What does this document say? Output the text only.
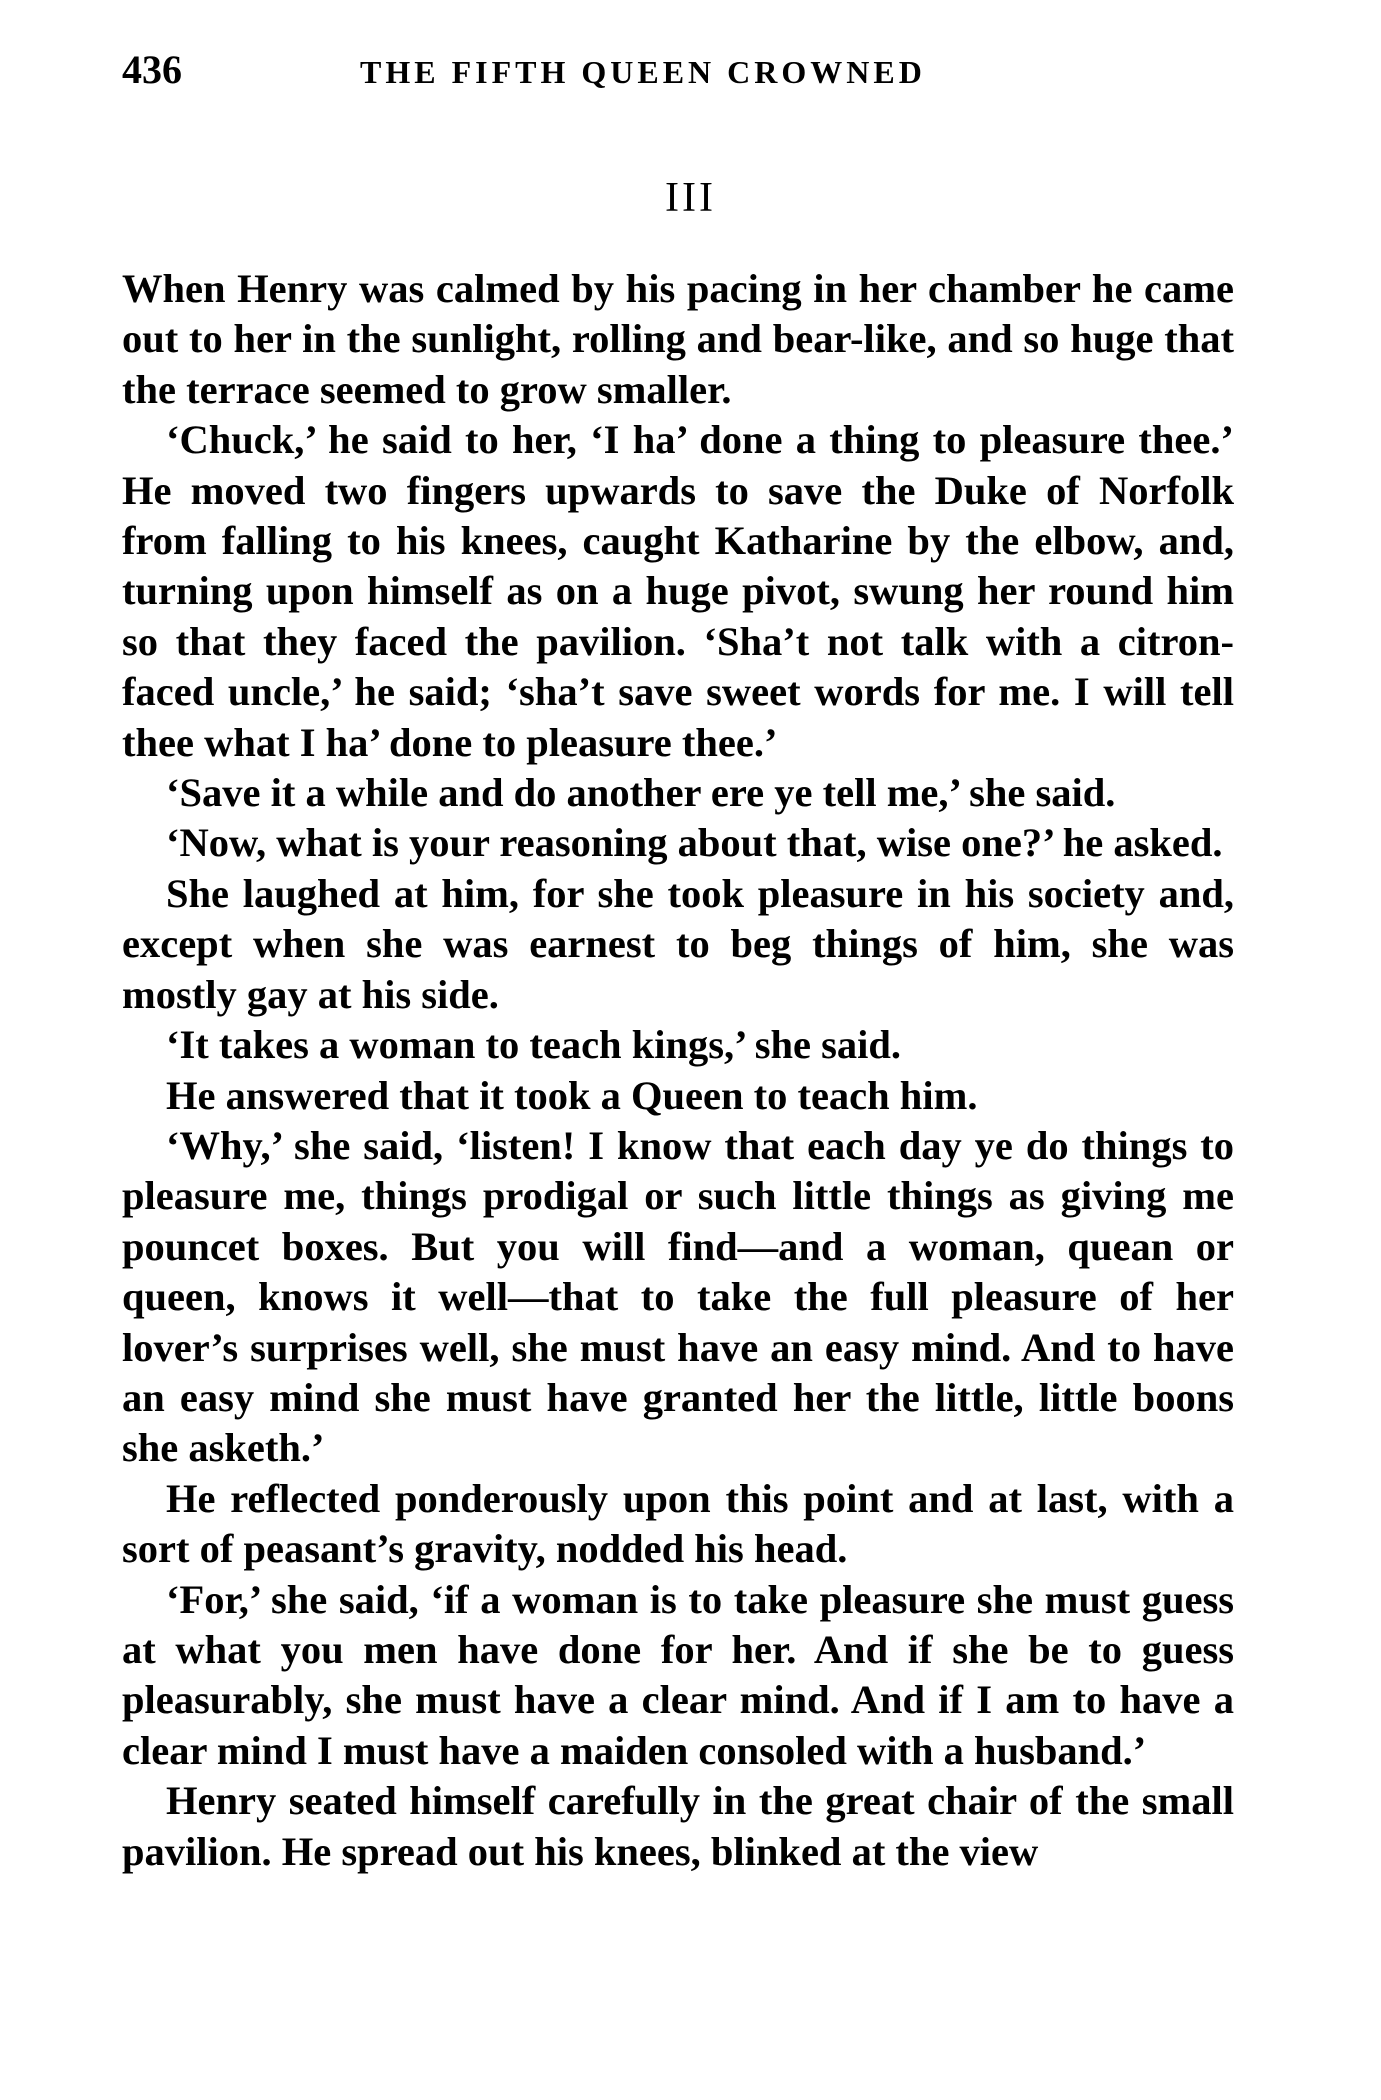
436	THE FIFTH QUEEN CROWNED
III

When Henry was calmed by his pacing in her chamber he came out to her in the sunlight, rolling and bear-like, and so huge that the terrace seemed to grow smaller.

‘Chuck,’ he said to her, ‘I ha’ done a thing to pleasure thee.’ He moved two fingers upwards to save the Duke of Norfolk from falling to his knees, caught Katharine by the elbow, and, turning upon himself as on a huge pivot, swung her round him so that they faced the pavilion. ‘Sha’t not talk with a citron-faced uncle,’ he said; ‘sha’t save sweet words for me. I will tell thee what I ha’ done to pleasure thee.’

‘Save it a while and do another ere ye tell me,’ she said.

‘Now, what is your reasoning about that, wise one?’ he asked.

She laughed at him, for she took pleasure in his society and, except when she was earnest to beg things of him, she was mostly gay at his side.

‘It takes a woman to teach kings,’ she said.

He answered that it took a Queen to teach him.

‘Why,’ she said, ‘listen! I know that each day ye do things to pleasure me, things prodigal or such little things as giving me pouncet boxes. But you will find—and a woman, quean or queen, knows it well—that to take the full pleasure of her lover’s surprises well, she must have an easy mind. And to have an easy mind she must have granted her the little, little boons she asketh.’

He reflected ponderously upon this point and at last, with a sort of peasant’s gravity, nodded his head.

‘For,’ she said, ‘if a woman is to take pleasure she must guess at what you men have done for her. And if she be to guess pleasurably, she must have a clear mind. And if I am to have a clear mind I must have a maiden consoled with a husband.’

Henry seated himself carefully in the great chair of the small pavilion. He spread out his knees, blinked at the view
